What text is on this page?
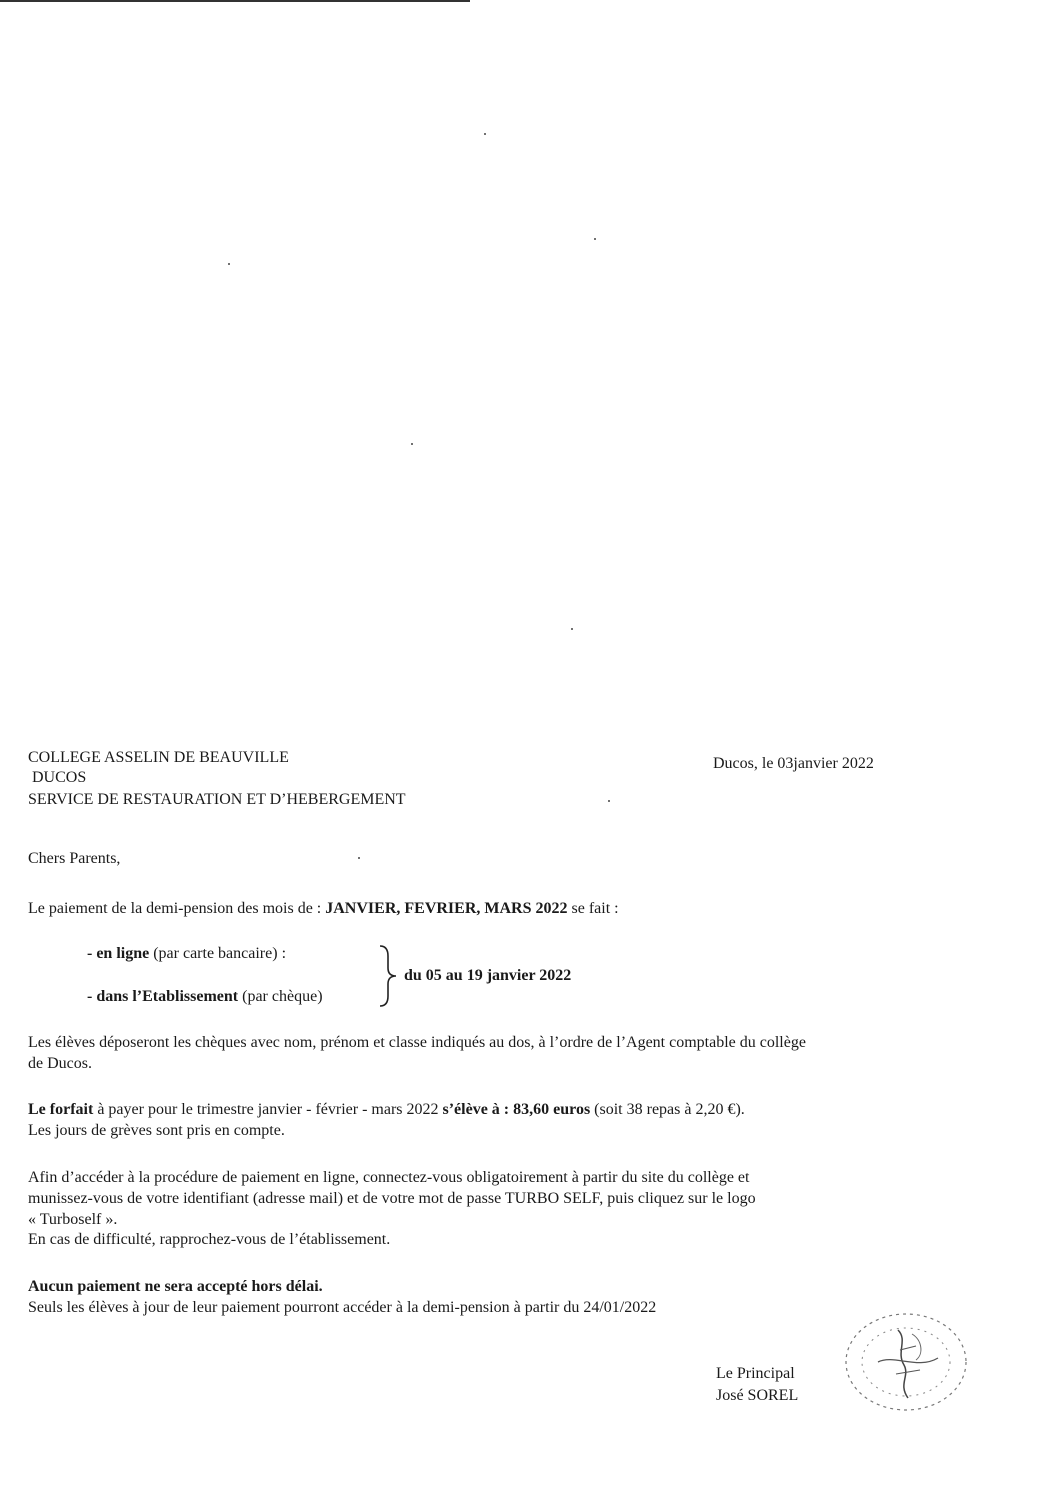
COLLEGE ASSELIN DE BEAUVILLE
DUCOS
SERVICE DE RESTAURATION ET D’HEBERGEMENT
Ducos, le 03janvier 2022
Chers Parents,
Le paiement de la demi-pension des mois de : JANVIER, FEVRIER, MARS 2022 se fait :
- en ligne (par carte bancaire) :
- dans l’Etablissement (par chèque)
du 05 au 19 janvier 2022
Les élèves déposeront les chèques avec nom, prénom et classe indiqués au dos, à l’ordre de l’Agent comptable du collège
de Ducos.
Le forfait à payer pour le trimestre janvier - février - mars 2022 s’élève à : 83,60 euros (soit 38 repas à 2,20 €).
Les jours de grèves sont pris en compte.
Afin d’accéder à la procédure de paiement en ligne, connectez-vous obligatoirement à partir du site du collège et
munissez-vous de votre identifiant (adresse mail) et de votre mot de passe TURBO SELF, puis cliquez sur le logo
« Turboself ».
En cas de difficulté, rapprochez-vous de l’établissement.
Aucun paiement ne sera accepté hors délai.
Seuls les élèves à jour de leur paiement pourront accéder à la demi-pension à partir du 24/01/2022
Le Principal
José SOREL
